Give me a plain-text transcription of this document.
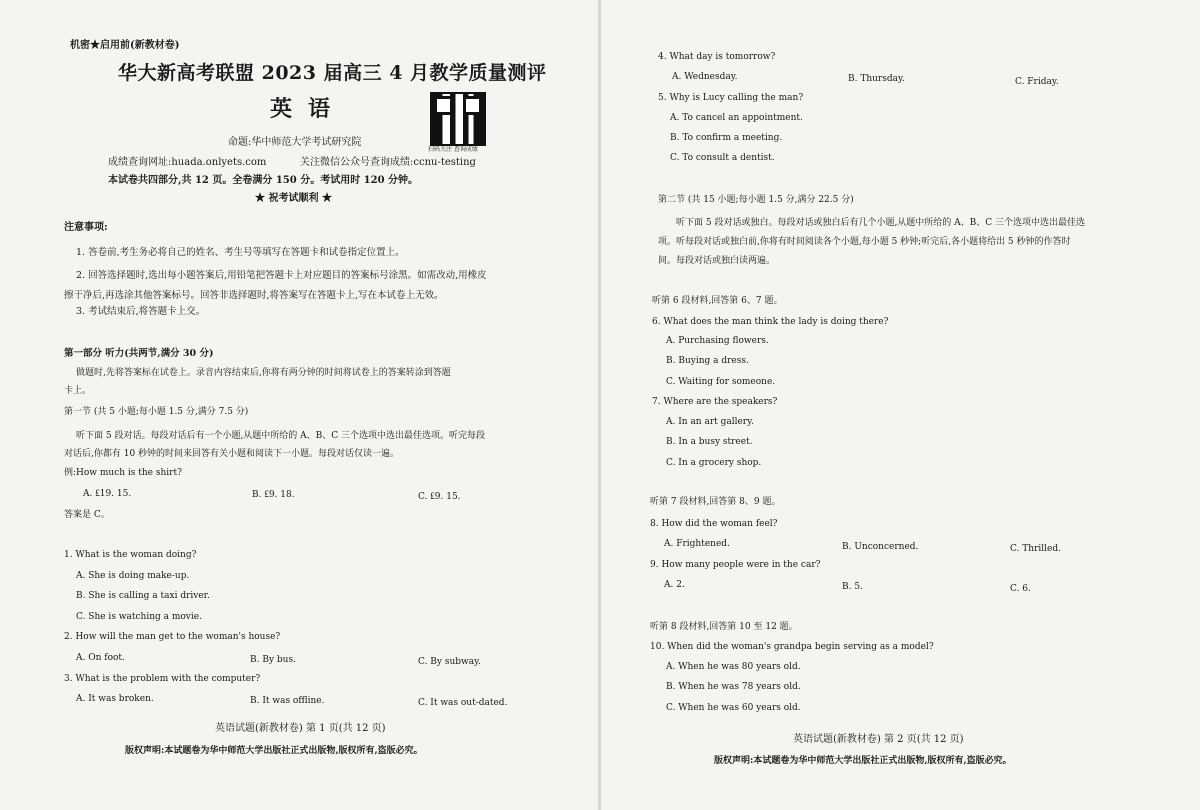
机密★启用前(新教材卷)
华大新高考联盟 2023 届高三 4 月教学质量测评
英语
扫码关注 查询成绩
命题:华中师范大学考试研究院
成绩查询网址:huada.onlyets.com	关注微信公众号查询成绩:ccnu-testing
本试卷共四部分,共 12 页。全卷满分 150 分。考试用时 120 分钟。
★ 祝考试顺利 ★
注意事项:
1. 答卷前,考生务必将自己的姓名、考生号等填写在答题卡和试卷指定位置上。
2. 回答选择题时,选出每小题答案后,用铅笔把答题卡上对应题目的答案标号涂黑。如需改动,用橡皮
擦干净后,再选涂其他答案标号。回答非选择题时,将答案写在答题卡上,写在本试卷上无效。
3. 考试结束后,将答题卡上交。
第一部分 听力(共两节,满分 30 分)
做题时,先将答案标在试卷上。录音内容结束后,你将有两分钟的时间将试卷上的答案转涂到答题
卡上。
第一节 (共 5 小题;每小题 1.5 分,满分 7.5 分)
听下面 5 段对话。每段对话后有一个小题,从题中所给的 A、B、C 三个选项中选出最佳选项。听完每段
对话后,你都有 10 秒钟的时间来回答有关小题和阅读下一小题。每段对话仅读一遍。
例:How much is the shirt?
A. ₤19. 15.	B. ₤9. 18.	C. ₤9. 15.
答案是 C。
1. What is the woman doing?
A. She is doing make-up.
B. She is calling a taxi driver.
C. She is watching a movie.
2. How will the man get to the woman's house?
A. On foot.	B. By bus.	C. By subway.
3. What is the problem with the computer?
A. It was broken.	B. It was offline.	C. It was out-dated.
英语试题(新教材卷) 第 1 页(共 12 页)
版权声明:本试题卷为华中师范大学出版社正式出版物,版权所有,盗版必究。
4. What day is tomorrow?
A. Wednesday.	B. Thursday.	C. Friday.
5. Why is Lucy calling the man?
A. To cancel an appointment.
B. To confirm a meeting.
C. To consult a dentist.
第二节 (共 15 小题;每小题 1.5 分,满分 22.5 分)
听下面 5 段对话或独白。每段对话或独白后有几个小题,从题中所给的 A、B、C 三个选项中选出最佳选
项。听每段对话或独白前,你将有时间阅读各个小题,每小题 5 秒钟;听完后,各小题将给出 5 秒钟的作答时
间。每段对话或独白读两遍。
听第 6 段材料,回答第 6、7 题。
6. What does the man think the lady is doing there?
A. Purchasing flowers.
B. Buying a dress.
C. Waiting for someone.
7. Where are the speakers?
A. In an art gallery.
B. In a busy street.
C. In a grocery shop.
听第 7 段材料,回答第 8、9 题。
8. How did the woman feel?
A. Frightened.	B. Unconcerned.	C. Thrilled.
9. How many people were in the car?
A. 2.	B. 5.	C. 6.
听第 8 段材料,回答第 10 至 12 题。
10. When did the woman's grandpa begin serving as a model?
A. When he was 80 years old.
B. When he was 78 years old.
C. When he was 60 years old.
英语试题(新教材卷) 第 2 页(共 12 页)
版权声明:本试题卷为华中师范大学出版社正式出版物,版权所有,盗版必究。
